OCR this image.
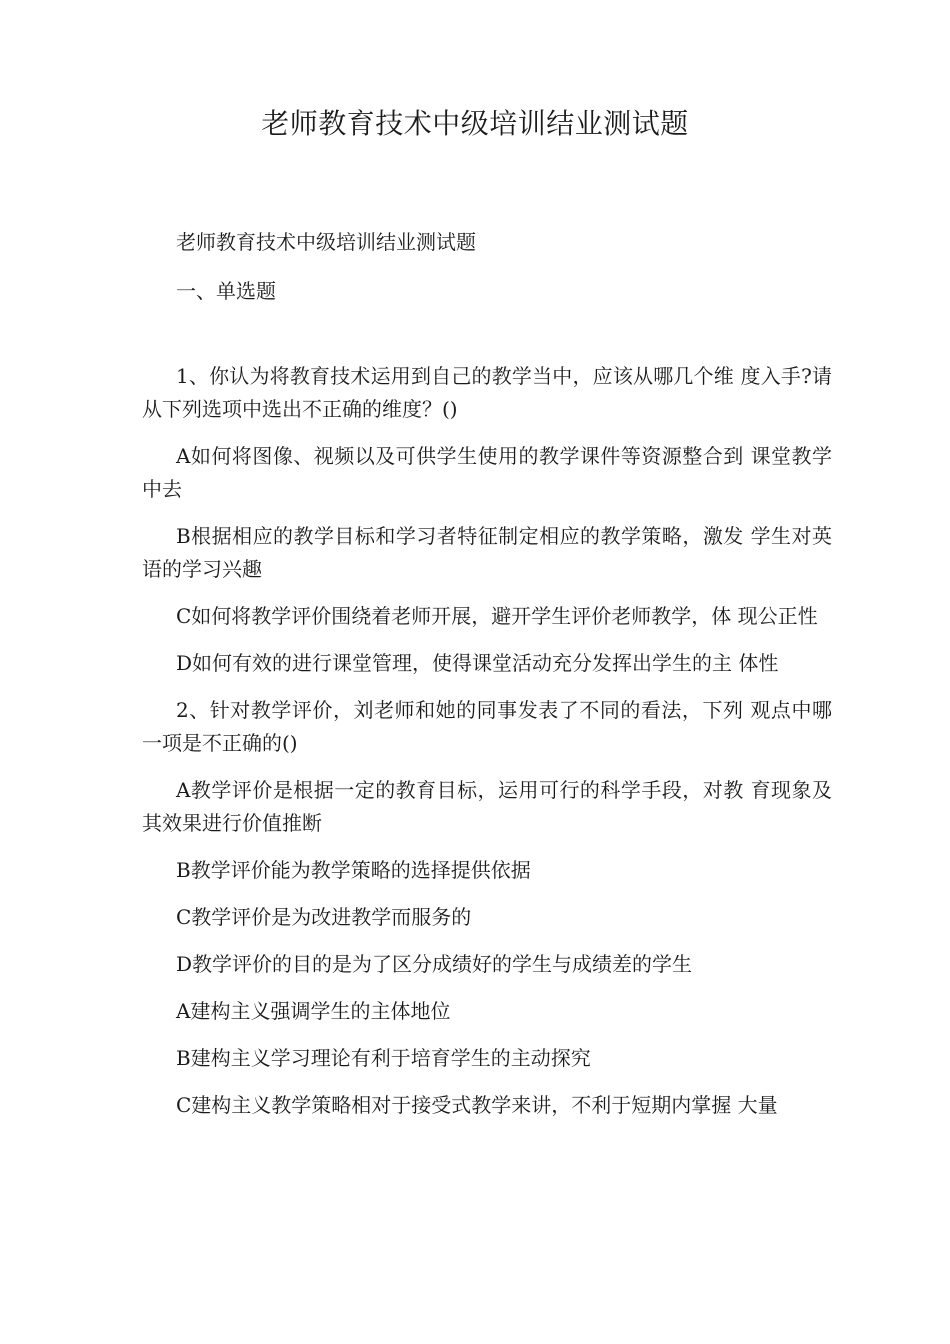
老师教育技术中级培训结业测试题

老师教育技术中级培训结业测试题

一、单选题

1、你认为将教育技术运用到自己的教学当中，应该从哪几个维 度入手?请从下列选项中选出不正确的维度？()

A如何将图像、视频以及可供学生使用的教学课件等资源整合到 课堂教学中去

B根据相应的教学目标和学习者特征制定相应的教学策略，激发 学生对英语的学习兴趣

C如何将教学评价围绕着老师开展，避开学生评价老师教学，体 现公正性

D如何有效的进行课堂管理，使得课堂活动充分发挥出学生的主 体性

2、针对教学评价，刘老师和她的同事发表了不同的看法，下列 观点中哪一项是不正确的()

A教学评价是根据一定的教育目标，运用可行的科学手段，对教 育现象及其效果进行价值推断

B教学评价能为教学策略的选择提供依据

C教学评价是为改进教学而服务的

D教学评价的目的是为了区分成绩好的学生与成绩差的学生

A建构主义强调学生的主体地位

B建构主义学习理论有利于培育学生的主动探究

C建构主义教学策略相对于接受式教学来讲，不利于短期内掌握 大量
